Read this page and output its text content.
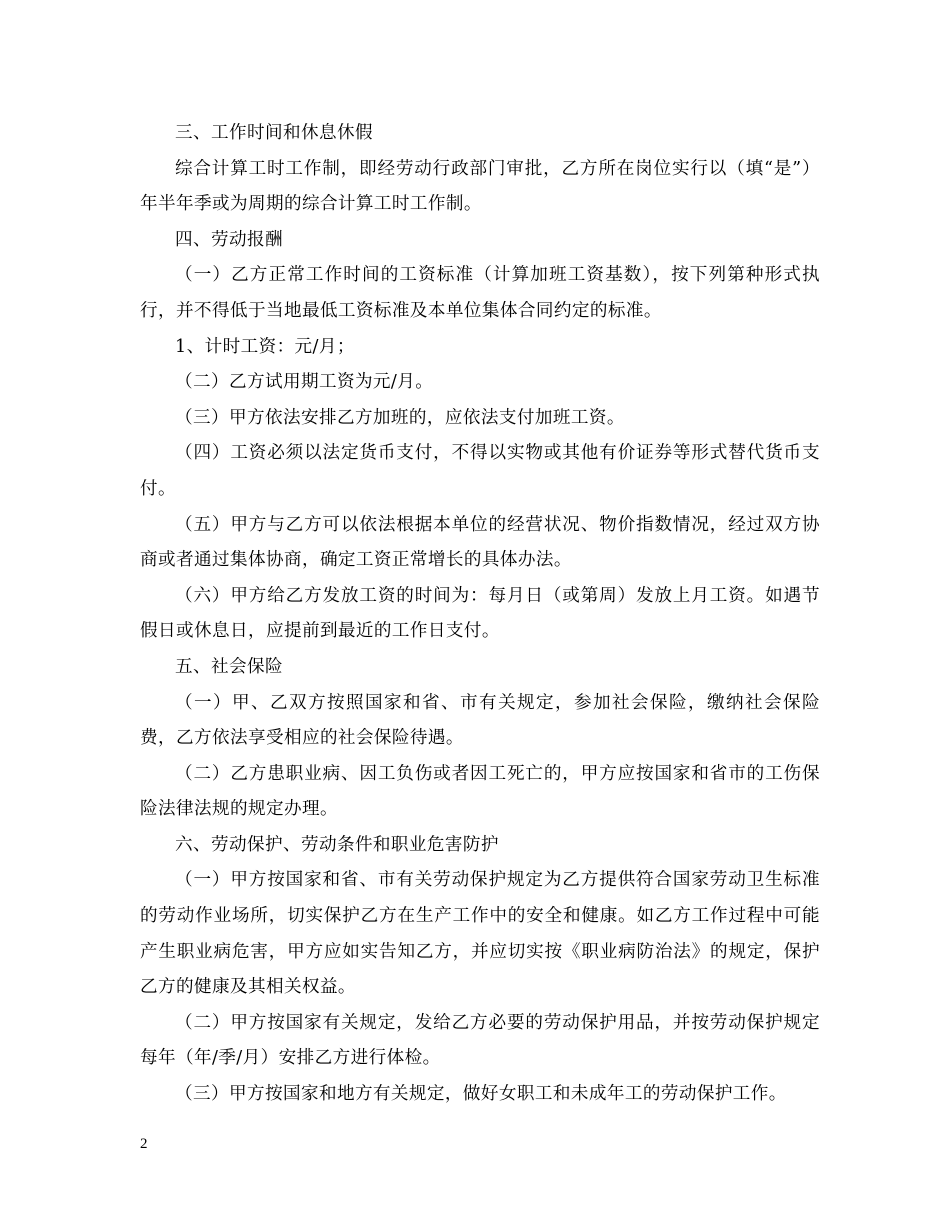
三、工作时间和休息休假

综合计算工时工作制，即经劳动行政部门审批，乙方所在岗位实行以（填“是”）年半年季或为周期的综合计算工时工作制。

四、劳动报酬

（一）乙方正常工作时间的工资标准（计算加班工资基数），按下列第种形式执行，并不得低于当地最低工资标准及本单位集体合同约定的标准。

1、计时工资：元/月；

（二）乙方试用期工资为元/月。

（三）甲方依法安排乙方加班的，应依法支付加班工资。

（四）工资必须以法定货币支付，不得以实物或其他有价证券等形式替代货币支付。

（五）甲方与乙方可以依法根据本单位的经营状况、物价指数情况，经过双方协商或者通过集体协商，确定工资正常增长的具体办法。

（六）甲方给乙方发放工资的时间为：每月日（或第周）发放上月工资。如遇节假日或休息日，应提前到最近的工作日支付。

五、社会保险

（一）甲、乙双方按照国家和省、市有关规定，参加社会保险，缴纳社会保险费，乙方依法享受相应的社会保险待遇。

（二）乙方患职业病、因工负伤或者因工死亡的，甲方应按国家和省市的工伤保险法律法规的规定办理。

六、劳动保护、劳动条件和职业危害防护

（一）甲方按国家和省、市有关劳动保护规定为乙方提供符合国家劳动卫生标准的劳动作业场所，切实保护乙方在生产工作中的安全和健康。如乙方工作过程中可能产生职业病危害，甲方应如实告知乙方，并应切实按《职业病防治法》的规定，保护乙方的健康及其相关权益。

（二）甲方按国家有关规定，发给乙方必要的劳动保护用品，并按劳动保护规定每年（年/季/月）安排乙方进行体检。

（三）甲方按国家和地方有关规定，做好女职工和未成年工的劳动保护工作。

2
